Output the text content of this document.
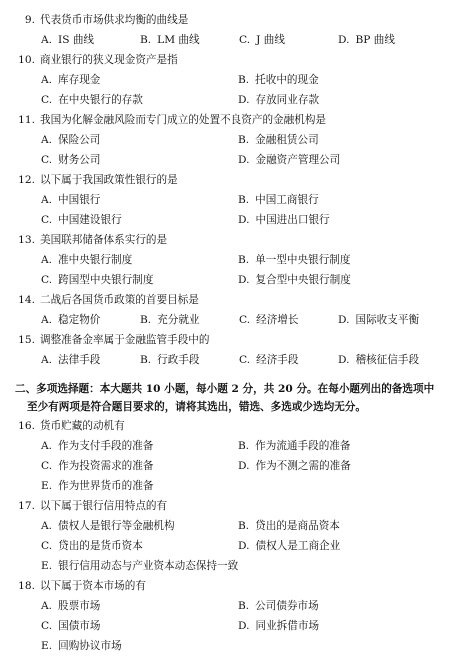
9. 代表货币市场供求均衡的曲线是
A. IS 曲线	B. LM 曲线	C. J 曲线	D. BP 曲线
10. 商业银行的狭义现金资产是指
A. 库存现金	B. 托收中的现金
C. 在中央银行的存款	D. 存放同业存款
11. 我国为化解金融风险而专门成立的处置不良资产的金融机构是
A. 保险公司	B. 金融租赁公司
C. 财务公司	D. 金融资产管理公司
12. 以下属于我国政策性银行的是
A. 中国银行	B. 中国工商银行
C. 中国建设银行	D. 中国进出口银行
13. 美国联邦储备体系实行的是
A. 准中央银行制度	B. 单一型中央银行制度
C. 跨国型中央银行制度	D. 复合型中央银行制度
14. 二战后各国货币政策的首要目标是
A. 稳定物价	B. 充分就业	C. 经济增长	D. 国际收支平衡
15. 调整准备金率属于金融监管手段中的
A. 法律手段	B. 行政手段	C. 经济手段	D. 稽核征信手段
二、多项选择题：本大题共 10 小题，每小题 2 分，共 20 分。在每小题列出的备选项中
至少有两项是符合题目要求的，请将其选出，错选、多选或少选均无分。
16. 货币贮藏的动机有
A. 作为支付手段的准备	B. 作为流通手段的准备
C. 作为投资需求的准备	D. 作为不测之需的准备
E. 作为世界货币的准备
17. 以下属于银行信用特点的有
A. 债权人是银行等金融机构	B. 贷出的是商品资本
C. 贷出的是货币资本	D. 债权人是工商企业
E. 银行信用动态与产业资本动态保持一致
18. 以下属于资本市场的有
A. 股票市场	B. 公司债券市场
C. 国债市场	D. 同业拆借市场
E. 回购协议市场
